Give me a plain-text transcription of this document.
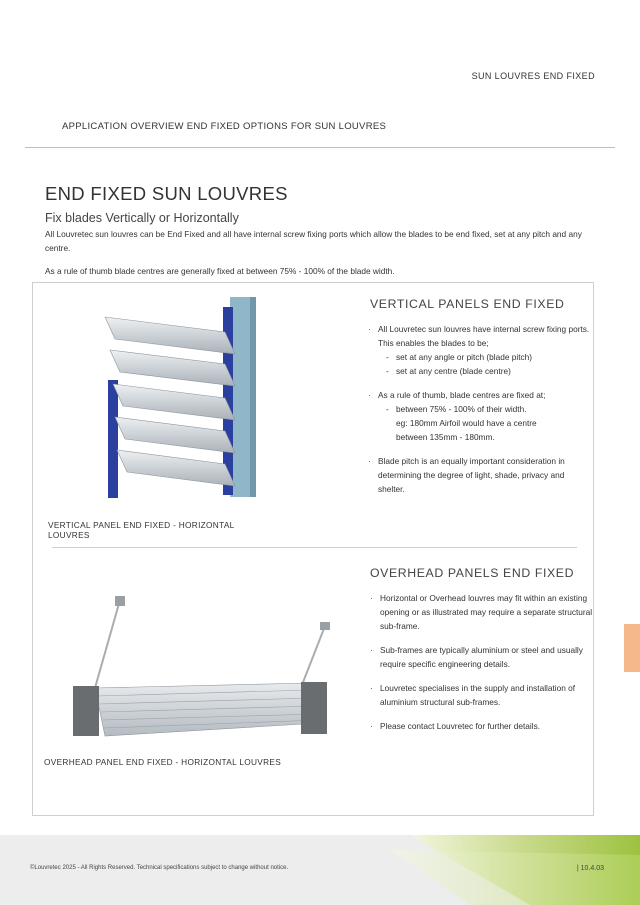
SUN LOUVRES END FIXED
APPLICATION OVERVIEW END FIXED OPTIONS FOR SUN LOUVRES
END FIXED SUN LOUVRES
Fix blades Vertically or Horizontally

All Louvretec sun louvres can be End Fixed and all have internal screw fixing ports which allow the blades to be end fixed, set at any pitch and any centre.

As a rule of thumb blade centres are generally fixed at between 75% - 100% of the blade width.

VERTICAL PANEL END FIXED - HORIZONTAL LOUVRES
VERTICAL PANELS END FIXED
· All Louvretec sun louvres have internal screw fixing ports. This enables the blades to be;
- set at any angle or pitch (blade pitch)
- set at any centre (blade centre)
· As a rule of thumb, blade centres are fixed at;
- between 75% - 100% of their width.
eg: 180mm Airfoil would have a centre between 135mm - 180mm.
· Blade pitch is an equally important consideration in determining the degree of light, shade, privacy and shelter.
OVERHEAD PANEL END FIXED - HORIZONTAL LOUVRES
OVERHEAD PANELS END FIXED
· Horizontal or Overhead louvres may fit within an existing opening or as illustrated may require a separate structural sub-frame.
· Sub-frames are typically aluminium or steel and usually require specific engineering details.
· Louvretec specialises in the supply and installation of aluminium structural sub-frames.
· Please contact Louvretec for further details.
©Louvretec 2025 - All Rights Reserved. Technical specifications subject to change without notice.	| 10.4.03
